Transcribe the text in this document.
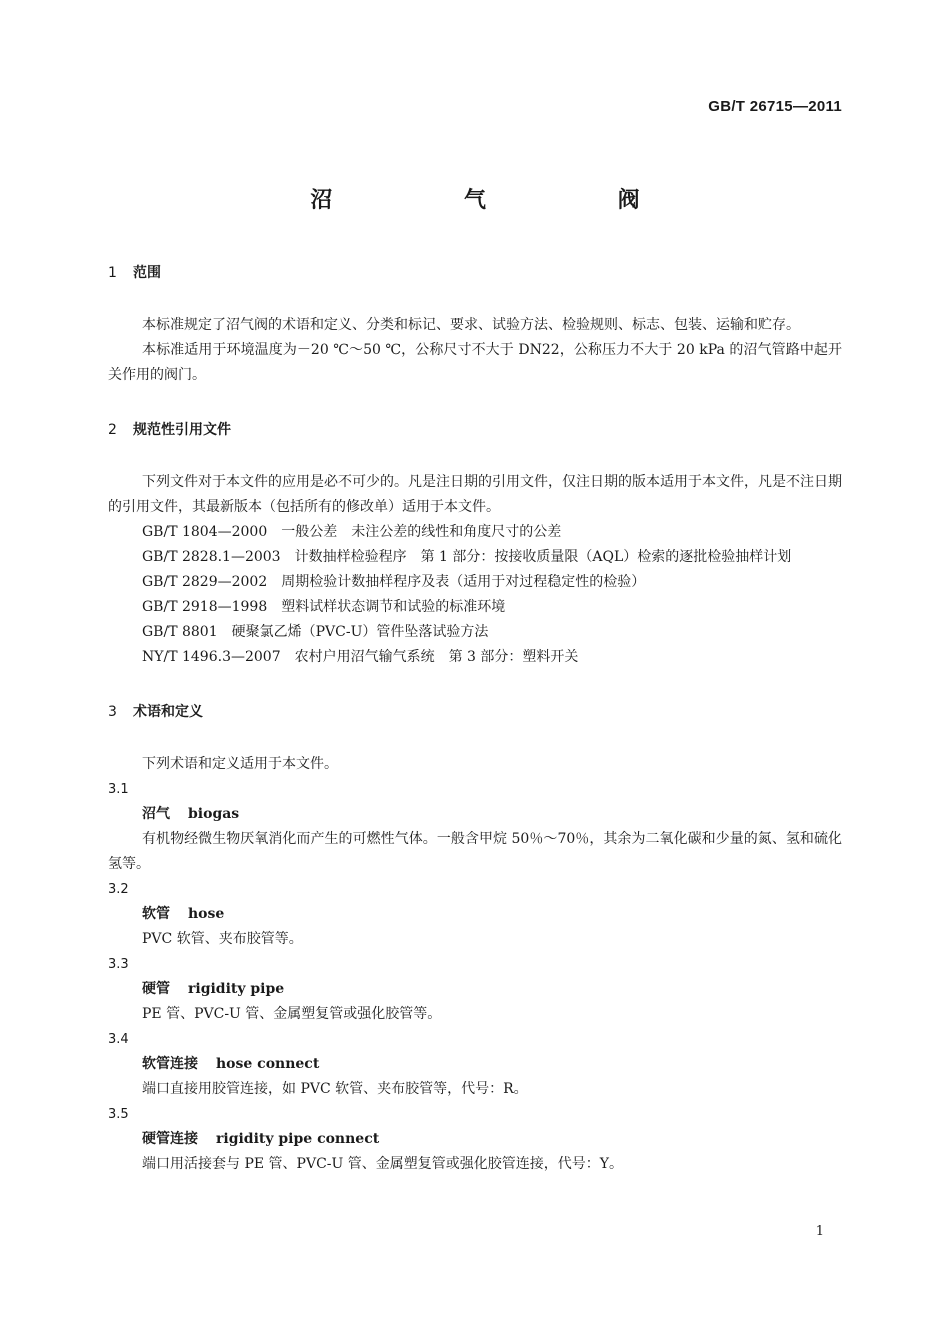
GB/T 26715—2011
沼 气 阀
1 范围

本标准规定了沼气阀的术语和定义、分类和标记、要求、试验方法、检验规则、标志、包装、运输和贮存。

本标准适用于环境温度为－20 ℃～50 ℃，公称尺寸不大于 DN22，公称压力不大于 20 kPa 的沼气管路中起开关作用的阀门。

2 规范性引用文件

下列文件对于本文件的应用是必不可少的。凡是注日期的引用文件，仅注日期的版本适用于本文件，凡是不注日期的引用文件，其最新版本（包括所有的修改单）适用于本文件。

GB/T 1804—2000　一般公差　未注公差的线性和角度尺寸的公差

GB/T 2828.1—2003　计数抽样检验程序　第 1 部分：按接收质量限（AQL）检索的逐批检验抽样计划

GB/T 2829—2002　周期检验计数抽样程序及表（适用于对过程稳定性的检验）

GB/T 2918—1998　塑料试样状态调节和试验的标准环境

GB/T 8801　硬聚氯乙烯（PVC-U）管件坠落试验方法

NY/T 1496.3—2007　农村户用沼气输气系统　第 3 部分：塑料开关

3 术语和定义

下列术语和定义适用于本文件。

3.1
沼气 biogas

有机物经微生物厌氧消化而产生的可燃性气体。一般含甲烷 50％～70％，其余为二氧化碳和少量的氮、氢和硫化氢等。

3.2
软管 hose

PVC 软管、夹布胶管等。

3.3
硬管 rigidity pipe

PE 管、PVC-U 管、金属塑复管或强化胶管等。

3.4
软管连接 hose connect

端口直接用胶管连接，如 PVC 软管、夹布胶管等，代号：R。

3.5
硬管连接 rigidity pipe connect

端口用活接套与 PE 管、PVC-U 管、金属塑复管或强化胶管连接，代号：Y。

1
